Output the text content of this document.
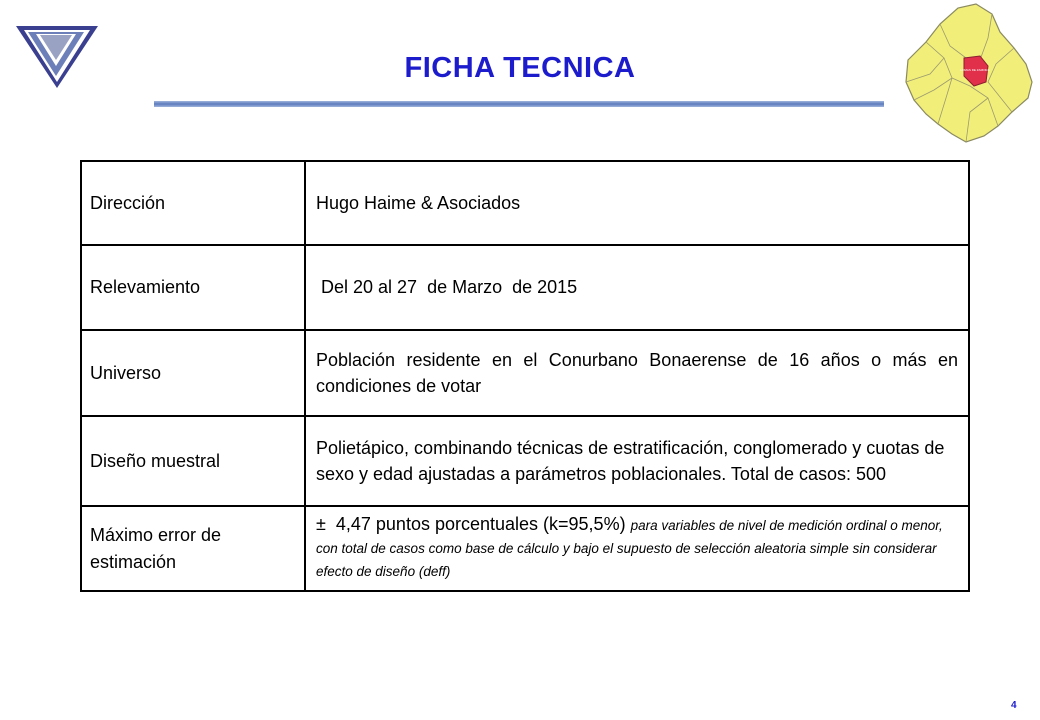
FICHA TECNICA	LOMAS DE ZAMORA
Dirección	Hugo Haime & Asociados
Relevamiento	Del 20 al 27  de Marzo  de 2015
Universo	Población residente en el Conurbano Bonaerense de 16 años o más en condiciones de votar
Diseño muestral	Polietápico, combinando técnicas de estratificación, conglomerado y cuotas de sexo y edad ajustadas a parámetros poblacionales. Total de casos: 500
Máximo error de estimación	±  4,47 puntos porcentuales (k=95,5%) para variables de nivel de medición ordinal o menor, con total de casos como base de cálculo y bajo el supuesto de selección aleatoria simple sin considerar efecto de diseño (deff)
4
